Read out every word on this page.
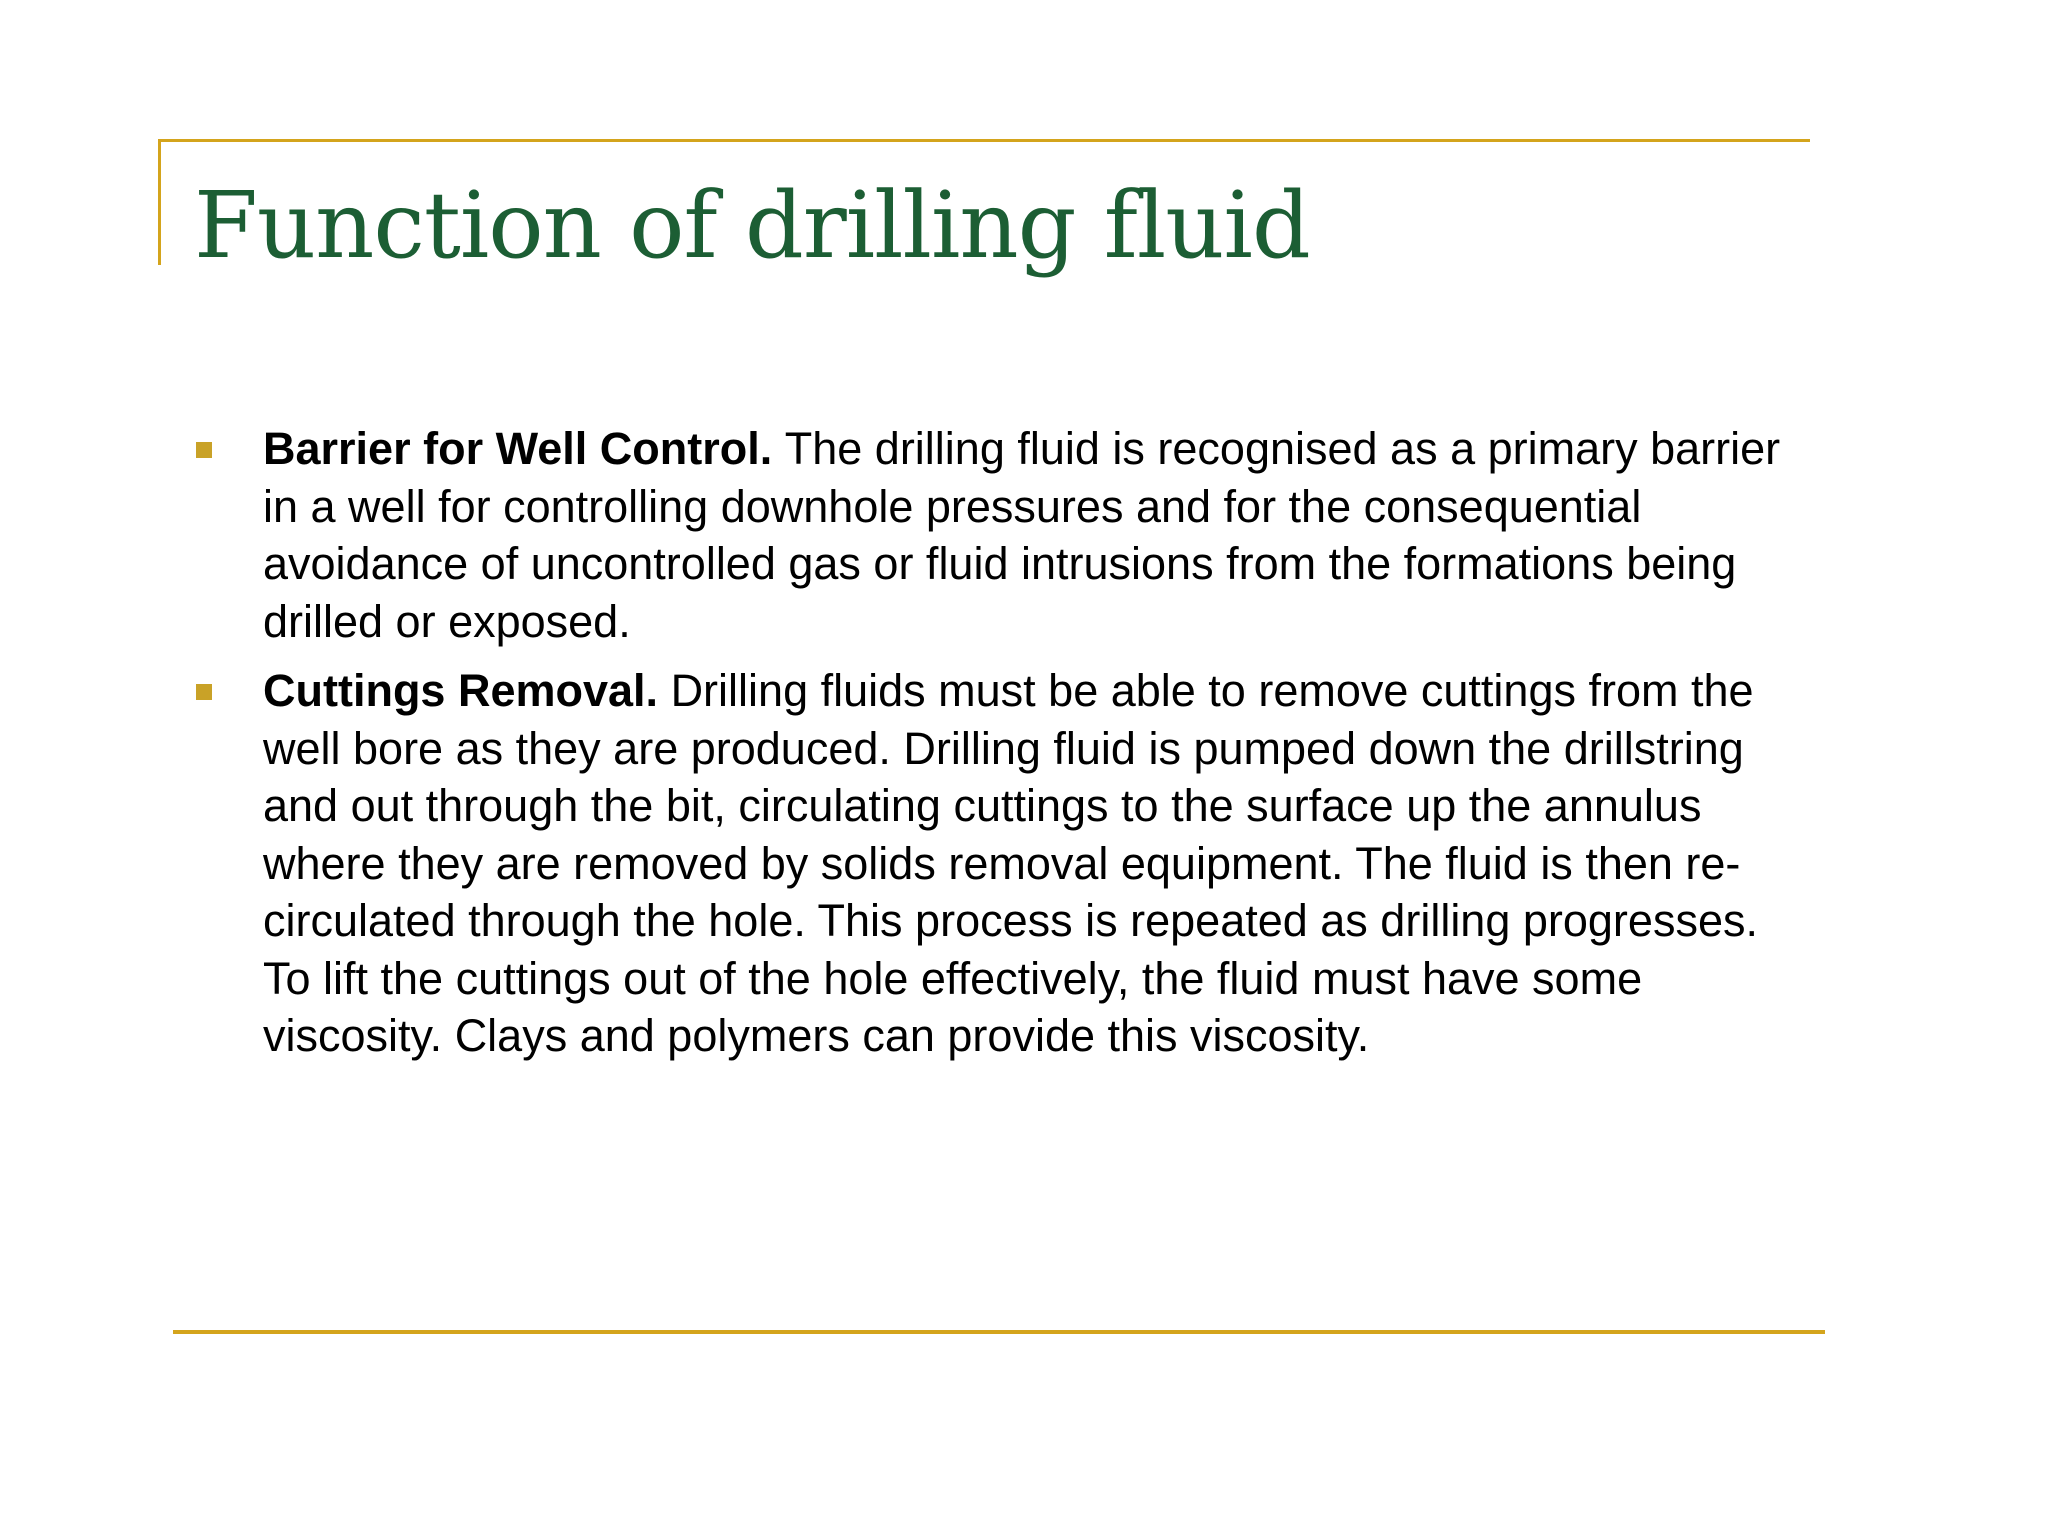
Function of drilling fluid
Barrier for Well Control. The drilling fluid is recognised as a primary barrier in a well for controlling downhole pressures and for the consequential avoidance of uncontrolled gas or fluid intrusions from the formations being drilled or exposed.
Cuttings Removal. Drilling fluids must be able to remove cuttings from the well bore as they are produced. Drilling fluid is pumped down the drillstring and out through the bit, circulating cuttings to the surface up the annulus where they are removed by solids removal equipment. The fluid is then re-circulated through the hole. This process is repeated as drilling progresses. To lift the cuttings out of the hole effectively, the fluid must have some viscosity. Clays and polymers can provide this viscosity.
